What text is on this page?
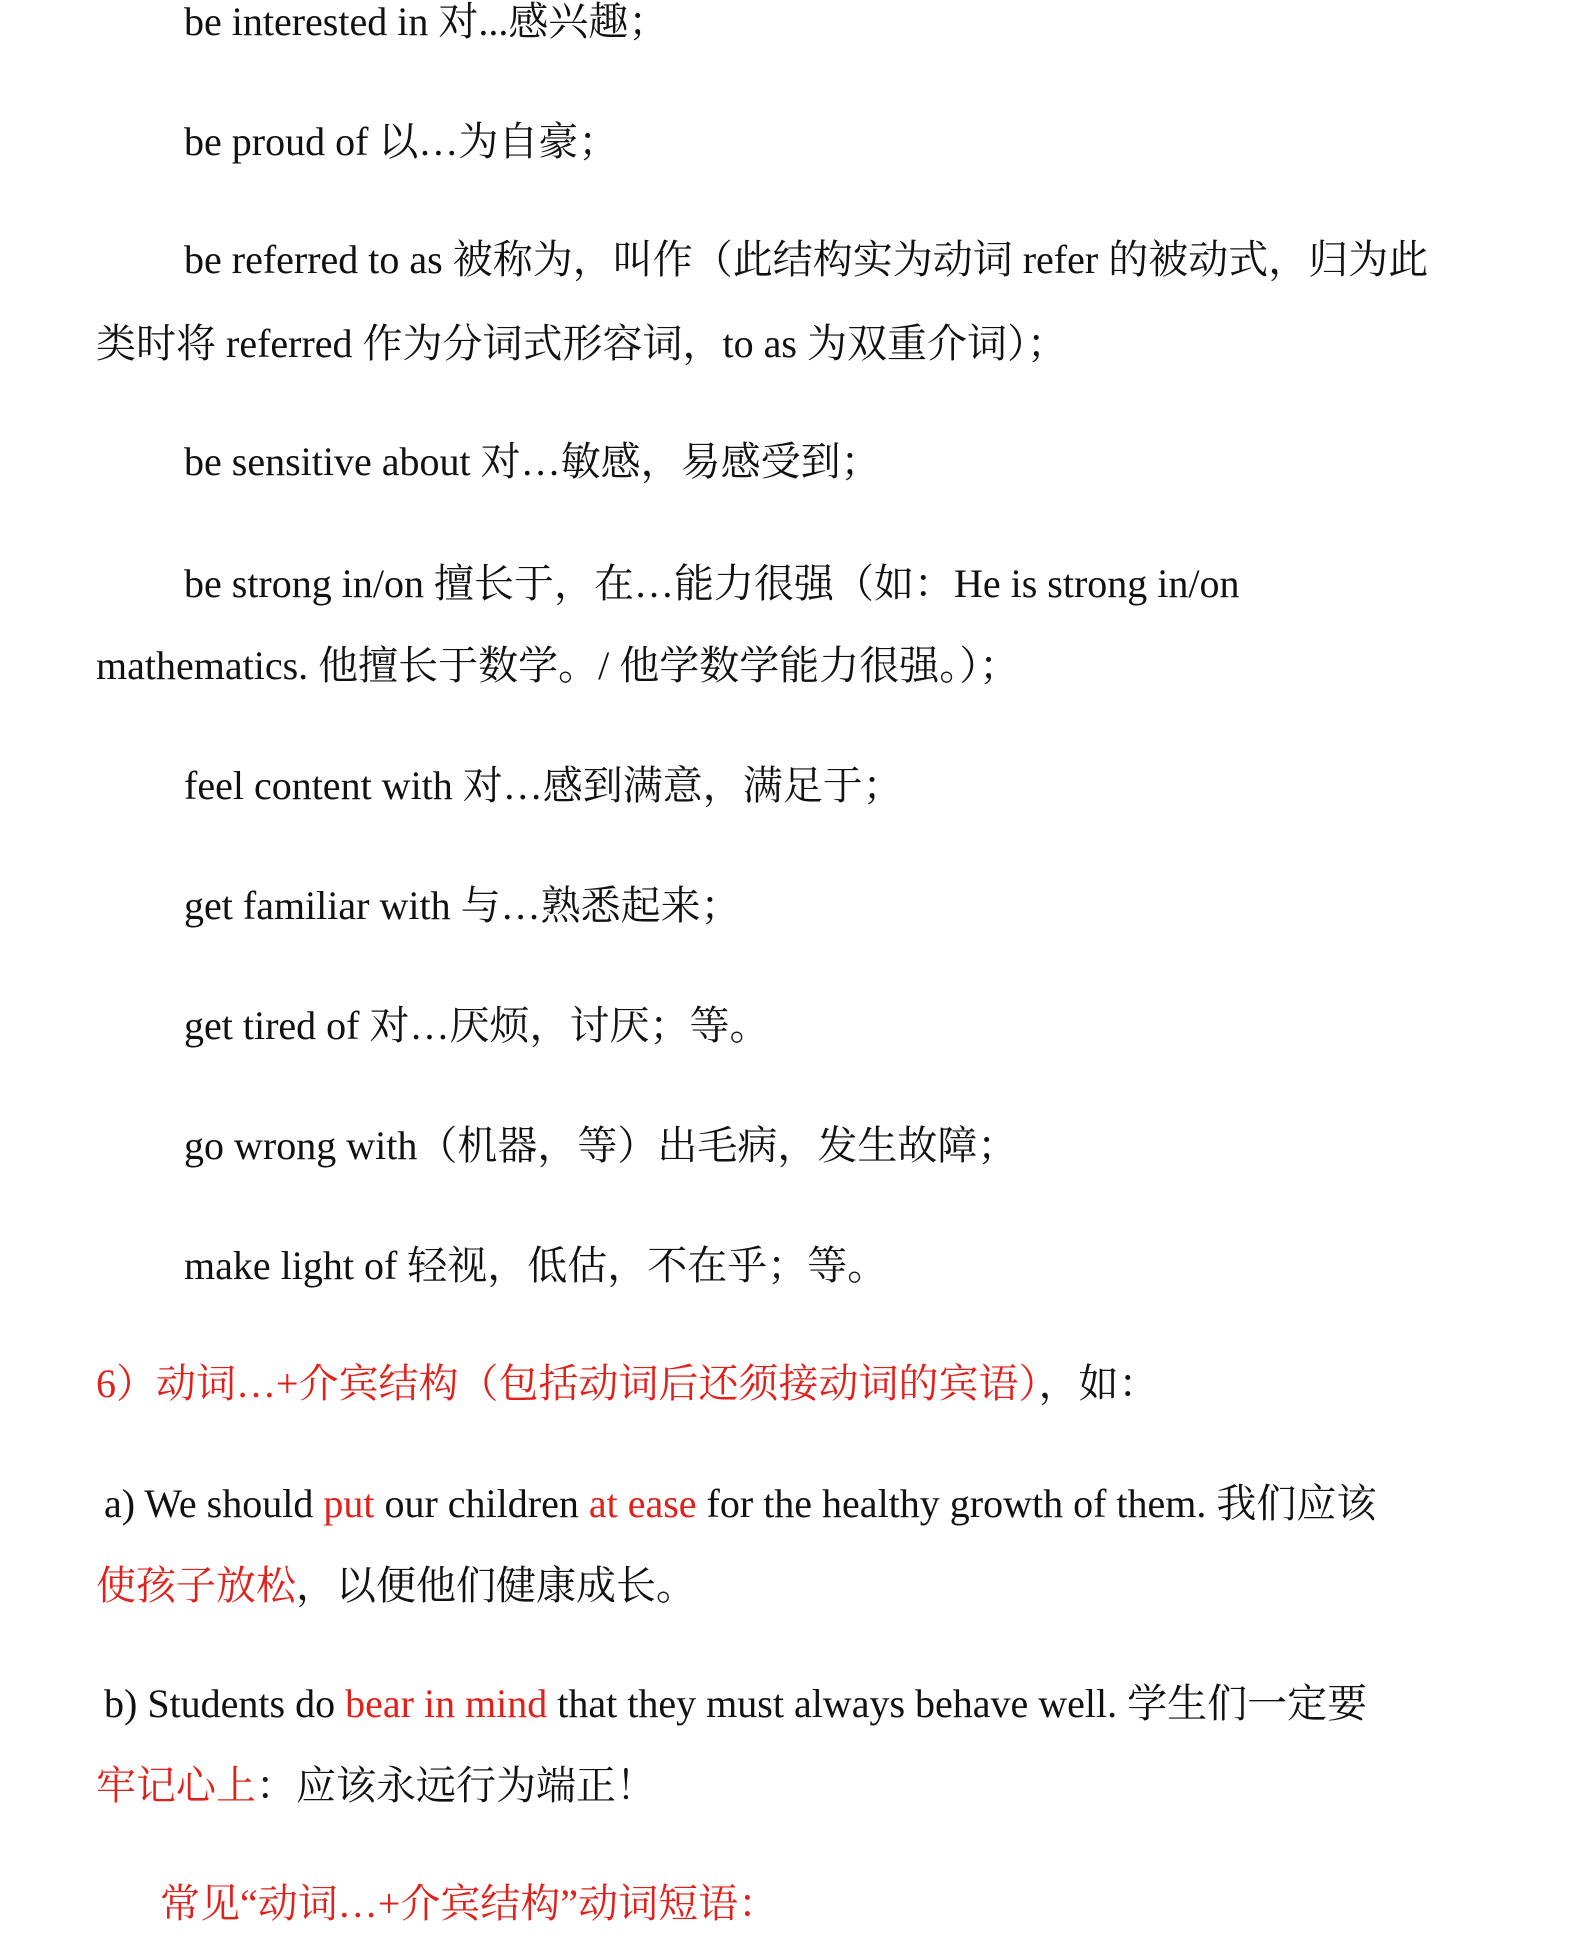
be interested in 对...感兴趣；
be proud of 以…为自豪；
be referred to as 被称为，叫作（此结构实为动词 refer 的被动式，归为此
类时将 referred 作为分词式形容词，to as 为双重介词）；
be sensitive about 对…敏感，易感受到；
be strong in/on 擅长于，在…能力很强（如：He is strong in/on
mathematics. 他擅长于数学。/ 他学数学能力很强。）；
feel content with 对…感到满意，满足于；
get familiar with 与…熟悉起来；
get tired of 对…厌烦，讨厌；等。
go wrong with（机器，等）出毛病，发生故障；
make light of 轻视，低估，不在乎；等。
6）动词…+介宾结构（包括动词后还须接动词的宾语），如：
a) We should put our children at ease for the healthy growth of them. 我们应该
使孩子放松，以便他们健康成长。
b) Students do bear in mind that they must always behave well. 学生们一定要
牢记心上：应该永远行为端正！
常见“动词…+介宾结构”动词短语：
